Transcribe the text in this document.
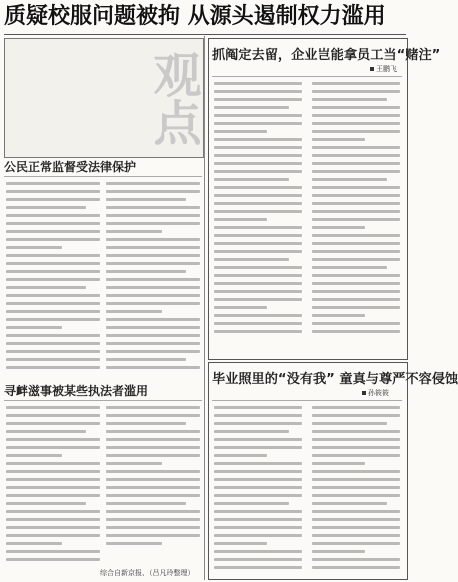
质疑校服问题被拘 从源头遏制权力滥用
观点
公民正常监督受法律保护
寻衅滋事被某些执法者滥用
综合自新京报、（吕凡玲整理）
抓阄定去留，企业岂能拿员工当“赌注”
王鹏飞
毕业照里的“没有我” 童真与尊严不容侵蚀
孙筱筱
